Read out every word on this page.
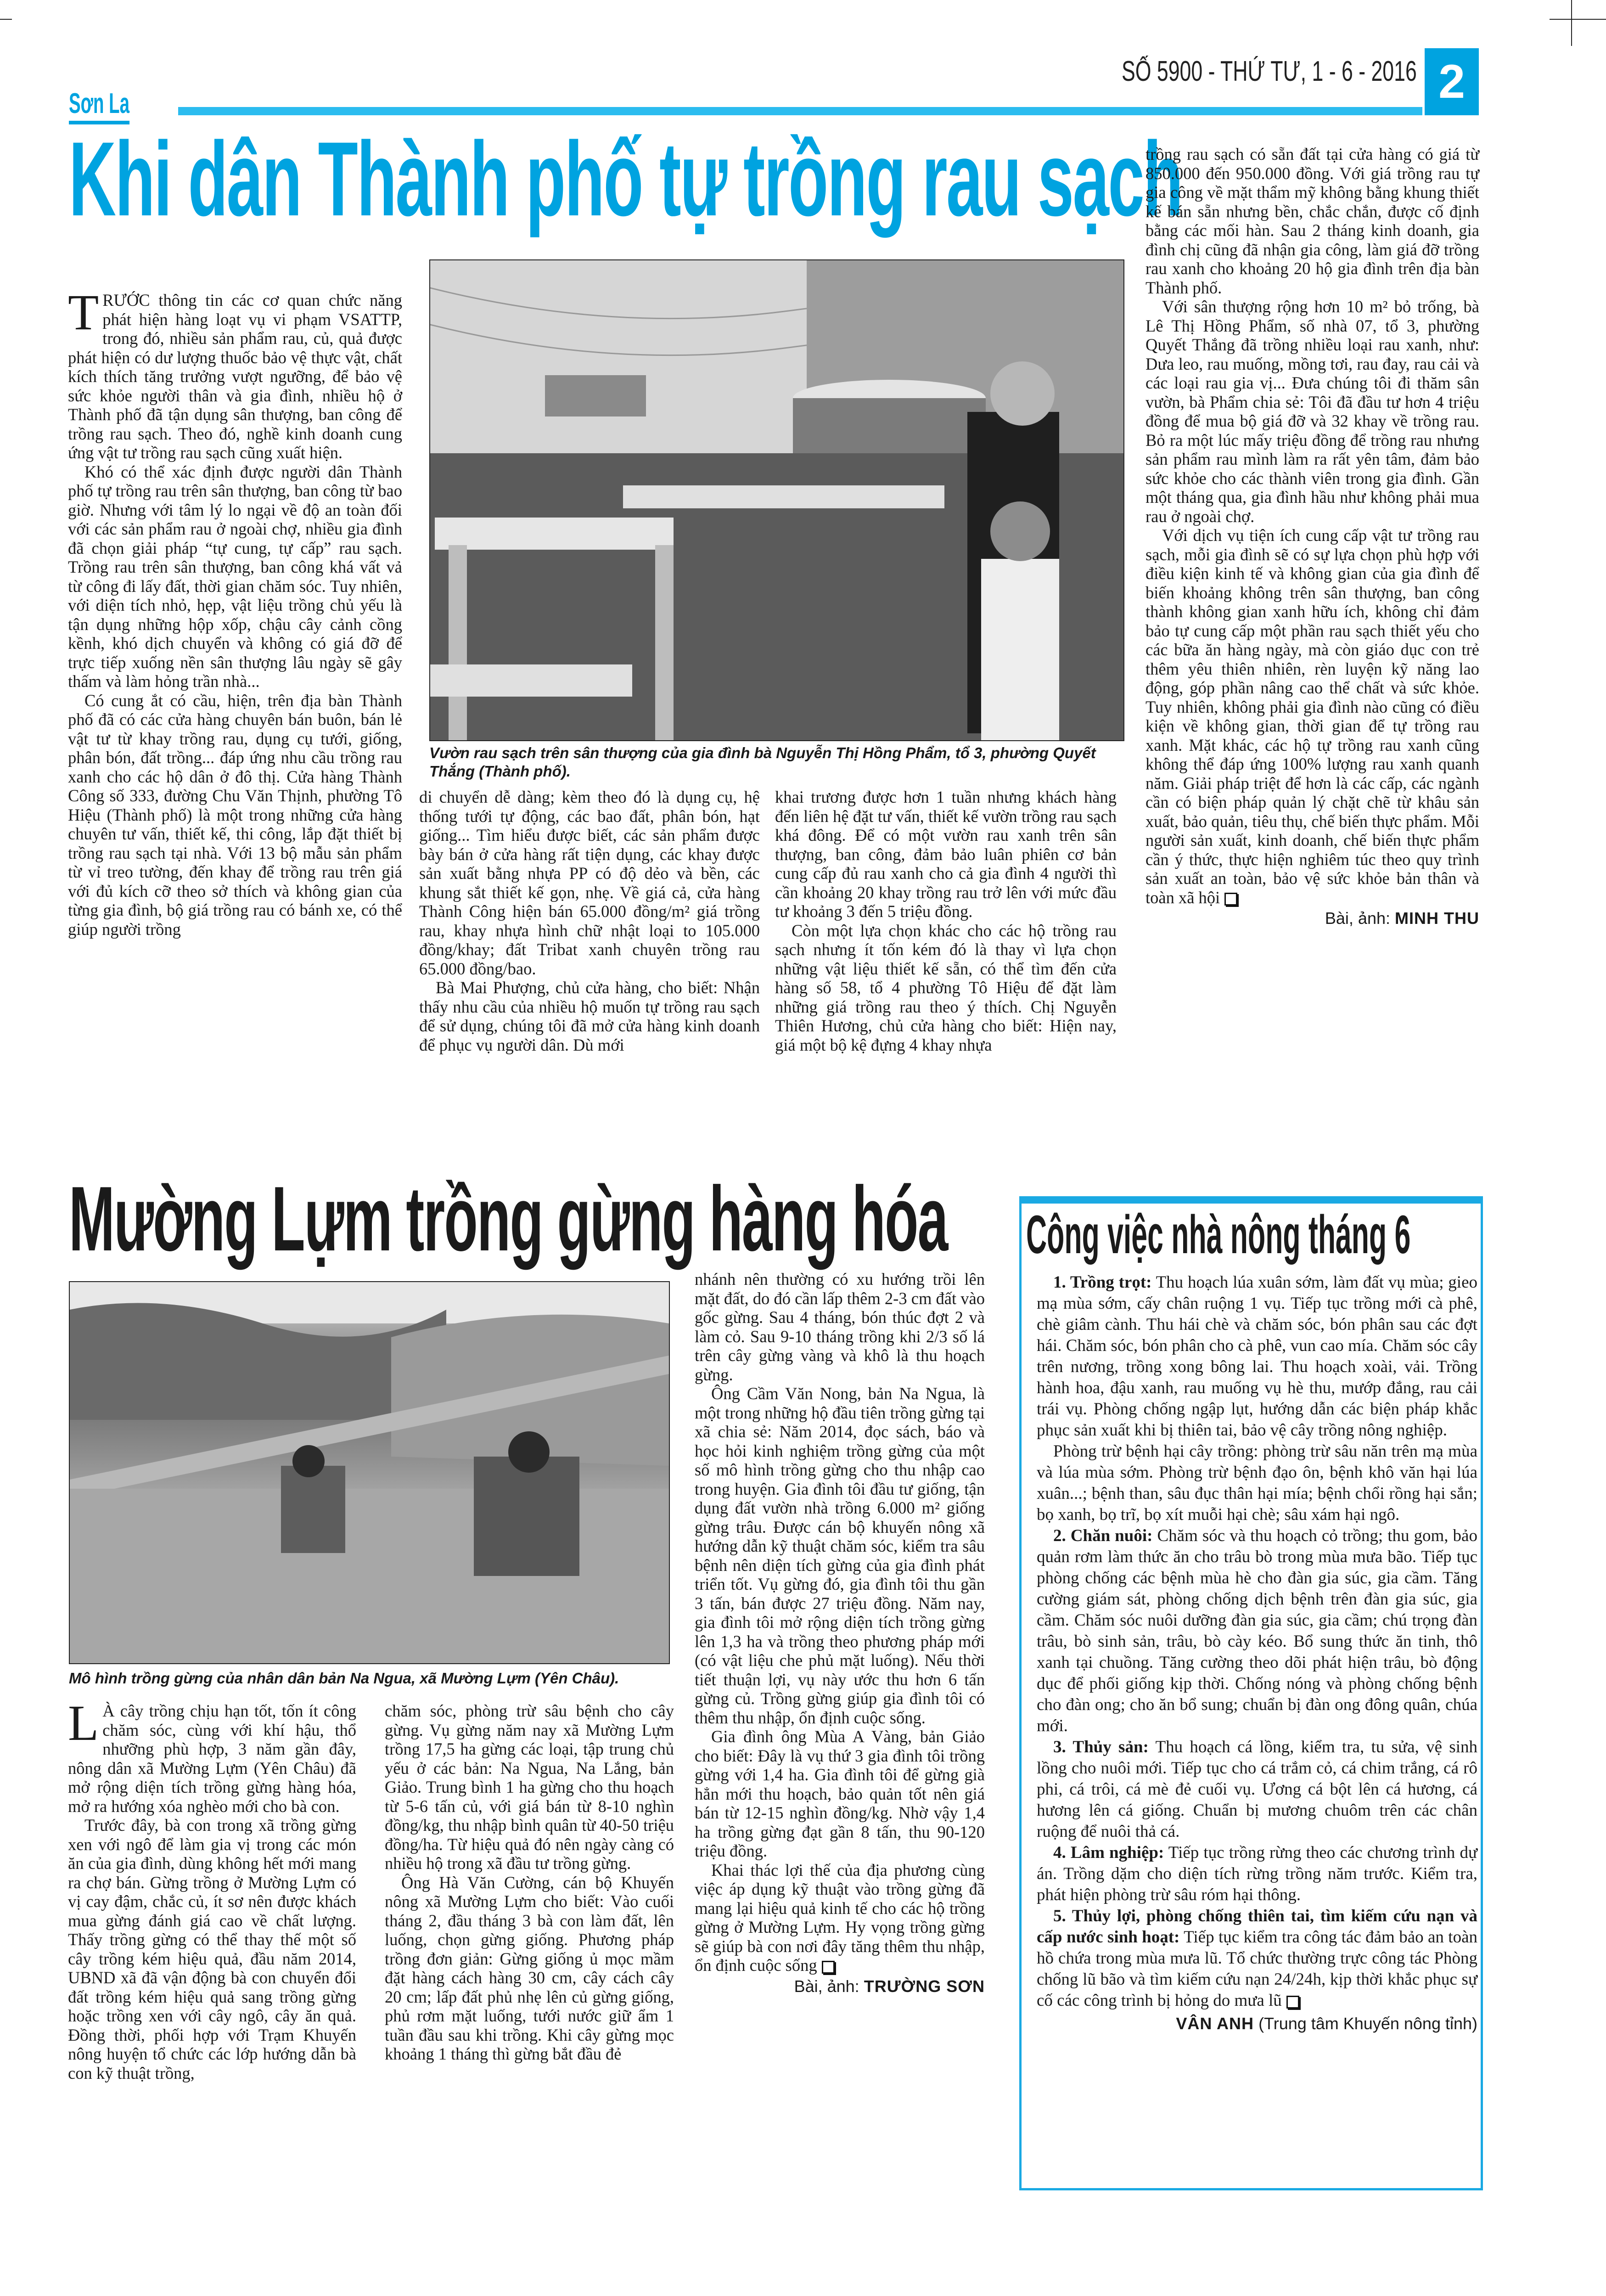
Sơn La
SỐ 5900 - THỨ TƯ, 1 - 6 - 2016 2
Khi dân Thành phố tự trồng rau sạch

TRƯỚC thông tin các cơ quan chức năng phát hiện hàng loạt vụ vi phạm VSATTP, trong đó, nhiều sản phẩm rau, củ, quả được phát hiện có dư lượng thuốc bảo vệ thực vật, chất kích thích tăng trưởng vượt ngưỡng, để bảo vệ sức khỏe người thân và gia đình, nhiều hộ ở Thành phố đã tận dụng sân thượng, ban công để trồng rau sạch. Theo đó, nghề kinh doanh cung ứng vật tư trồng rau sạch cũng xuất hiện.

Khó có thể xác định được người dân Thành phố tự trồng rau trên sân thượng, ban công từ bao giờ. Nhưng với tâm lý lo ngại về độ an toàn đối với các sản phẩm rau ở ngoài chợ, nhiều gia đình đã chọn giải pháp “tự cung, tự cấp” rau sạch. Trồng rau trên sân thượng, ban công khá vất vả từ công đi lấy đất, thời gian chăm sóc. Tuy nhiên, với diện tích nhỏ, hẹp, vật liệu trồng chủ yếu là tận dụng những hộp xốp, chậu cây cảnh cồng kềnh, khó dịch chuyển và không có giá đỡ để trực tiếp xuống nền sân thượng lâu ngày sẽ gây thấm và làm hỏng trần nhà...

Có cung ắt có cầu, hiện, trên địa bàn Thành phố đã có các cửa hàng chuyên bán buôn, bán lẻ vật tư từ khay trồng rau, dụng cụ tưới, giống, phân bón, đất trồng... đáp ứng nhu cầu trồng rau xanh cho các hộ dân ở đô thị. Cửa hàng Thành Công số 333, đường Chu Văn Thịnh, phường Tô Hiệu (Thành phố) là một trong những cửa hàng chuyên tư vấn, thiết kế, thi công, lắp đặt thiết bị trồng rau sạch tại nhà. Với 13 bộ mẫu sản phẩm từ vỉ treo tường, đến khay để trồng rau trên giá với đủ kích cỡ theo sở thích và không gian của từng gia đình, bộ giá trồng rau có bánh xe, có thể giúp người trồng

Vườn rau sạch trên sân thượng của gia đình bà Nguyễn Thị Hồng Phẩm, tổ 3, phường Quyết Thắng (Thành phố).

di chuyển dễ dàng; kèm theo đó là dụng cụ, hệ thống tưới tự động, các bao đất, phân bón, hạt giống... Tìm hiểu được biết, các sản phẩm được bày bán ở cửa hàng rất tiện dụng, các khay được sản xuất bằng nhựa PP có độ dẻo và bền, các khung sắt thiết kế gọn, nhẹ. Về giá cả, cửa hàng Thành Công hiện bán 65.000 đồng/m² giá trồng rau, khay nhựa hình chữ nhật loại to 105.000 đồng/khay; đất Tribat xanh chuyên trồng rau 65.000 đồng/bao.

Bà Mai Phượng, chủ cửa hàng, cho biết: Nhận thấy nhu cầu của nhiều hộ muốn tự trồng rau sạch để sử dụng, chúng tôi đã mở cửa hàng kinh doanh để phục vụ người dân. Dù mới

khai trương được hơn 1 tuần nhưng khách hàng đến liên hệ đặt tư vấn, thiết kế vườn trồng rau sạch khá đông. Để có một vườn rau xanh trên sân thượng, ban công, đảm bảo luân phiên cơ bản cung cấp đủ rau xanh cho cả gia đình 4 người thì cần khoảng 20 khay trồng rau trở lên với mức đầu tư khoảng 3 đến 5 triệu đồng.

Còn một lựa chọn khác cho các hộ trồng rau sạch nhưng ít tốn kém đó là thay vì lựa chọn những vật liệu thiết kế sẵn, có thể tìm đến cửa hàng số 58, tổ 4 phường Tô Hiệu để đặt làm những giá trồng rau theo ý thích. Chị Nguyễn Thiên Hương, chủ cửa hàng cho biết: Hiện nay, giá một bộ kệ đựng 4 khay nhựa

trồng rau sạch có sẵn đất tại cửa hàng có giá từ 850.000 đến 950.000 đồng. Với giá trồng rau tự gia công về mặt thẩm mỹ không bằng khung thiết kế bán sẵn nhưng bền, chắc chắn, được cố định bằng các mối hàn. Sau 2 tháng kinh doanh, gia đình chị cũng đã nhận gia công, làm giá đỡ trồng rau xanh cho khoảng 20 hộ gia đình trên địa bàn Thành phố.

Với sân thượng rộng hơn 10 m² bỏ trống, bà Lê Thị Hồng Phẩm, số nhà 07, tổ 3, phường Quyết Thắng đã trồng nhiều loại rau xanh, như: Dưa leo, rau muống, mồng tơi, rau đay, rau cải và các loại rau gia vị... Đưa chúng tôi đi thăm sân vườn, bà Phẩm chia sẻ: Tôi đã đầu tư hơn 4 triệu đồng để mua bộ giá đỡ và 32 khay về trồng rau. Bỏ ra một lúc mấy triệu đồng để trồng rau nhưng sản phẩm rau mình làm ra rất yên tâm, đảm bảo sức khỏe cho các thành viên trong gia đình. Gần một tháng qua, gia đình hầu như không phải mua rau ở ngoài chợ.

Với dịch vụ tiện ích cung cấp vật tư trồng rau sạch, mỗi gia đình sẽ có sự lựa chọn phù hợp với điều kiện kinh tế và không gian của gia đình để biến khoảng không trên sân thượng, ban công thành không gian xanh hữu ích, không chỉ đảm bảo tự cung cấp một phần rau sạch thiết yếu cho các bữa ăn hàng ngày, mà còn giáo dục con trẻ thêm yêu thiên nhiên, rèn luyện kỹ năng lao động, góp phần nâng cao thể chất và sức khỏe. Tuy nhiên, không phải gia đình nào cũng có điều kiện về không gian, thời gian để tự trồng rau xanh. Mặt khác, các hộ tự trồng rau xanh cũng không thể đáp ứng 100% lượng rau xanh quanh năm. Giải pháp triệt để hơn là các cấp, các ngành cần có biện pháp quản lý chặt chẽ từ khâu sản xuất, bảo quản, tiêu thụ, chế biến thực phẩm. Mỗi người sản xuất, kinh doanh, chế biến thực phẩm cần ý thức, thực hiện nghiêm túc theo quy trình sản xuất an toàn, bảo vệ sức khỏe bản thân và toàn xã hội

Bài, ảnh: MINH THU
Mường Lựm trồng gừng hàng hóa
Mô hình trồng gừng của nhân dân bản Na Ngua, xã Mường Lựm (Yên Châu).

L À cây trồng chịu hạn tốt, tốn ít công chăm sóc, cùng với khí hậu, thổ nhưỡng phù hợp, 3 năm gần đây, nông dân xã Mường Lựm (Yên Châu) đã mở rộng diện tích trồng gừng hàng hóa, mở ra hướng xóa nghèo mới cho bà con.

Trước đây, bà con trong xã trồng gừng xen với ngô để làm gia vị trong các món ăn của gia đình, dùng không hết mới mang ra chợ bán. Gừng trồng ở Mường Lựm có vị cay đậm, chắc củ, ít sơ nên được khách mua gừng đánh giá cao về chất lượng. Thấy trồng gừng có thể thay thế một số cây trồng kém hiệu quả, đầu năm 2014, UBND xã đã vận động bà con chuyển đổi đất trồng kém hiệu quả sang trồng gừng hoặc trồng xen với cây ngô, cây ăn quả. Đồng thời, phối hợp với Trạm Khuyến nông huyện tổ chức các lớp hướng dẫn bà con kỹ thuật trồng,

chăm sóc, phòng trừ sâu bệnh cho cây gừng. Vụ gừng năm nay xã Mường Lựm trồng 17,5 ha gừng các loại, tập trung chủ yếu ở các bản: Na Ngua, Na Lắng, bản Giảo. Trung bình 1 ha gừng cho thu hoạch từ 5-6 tấn củ, với giá bán từ 8-10 nghìn đồng/kg, thu nhập bình quân từ 40-50 triệu đồng/ha. Từ hiệu quả đó nên ngày càng có nhiều hộ trong xã đầu tư trồng gừng.

Ông Hà Văn Cường, cán bộ Khuyến nông xã Mường Lựm cho biết: Vào cuối tháng 2, đầu tháng 3 bà con làm đất, lên luống, chọn gừng giống. Phương pháp trồng đơn giản: Gừng giống ủ mọc mầm đặt hàng cách hàng 30 cm, cây cách cây 20 cm; lấp đất phủ nhẹ lên củ gừng giống, phủ rơm mặt luống, tưới nước giữ ẩm 1 tuần đầu sau khi trồng. Khi cây gừng mọc khoảng 1 tháng thì gừng bắt đầu đẻ

nhánh nên thường có xu hướng trồi lên mặt đất, do đó cần lấp thêm 2-3 cm đất vào gốc gừng. Sau 4 tháng, bón thúc đợt 2 và làm cỏ. Sau 9-10 tháng trồng khi 2/3 số lá trên cây gừng vàng và khô là thu hoạch gừng.

Ông Cầm Văn Nong, bản Na Ngua, là một trong những hộ đầu tiên trồng gừng tại xã chia sẻ: Năm 2014, đọc sách, báo và học hỏi kinh nghiệm trồng gừng của một số mô hình trồng gừng cho thu nhập cao trong huyện. Gia đình tôi đầu tư giống, tận dụng đất vườn nhà trồng 6.000 m² giống gừng trâu. Được cán bộ khuyến nông xã hướng dẫn kỹ thuật chăm sóc, kiểm tra sâu bệnh nên diện tích gừng của gia đình phát triển tốt. Vụ gừng đó, gia đình tôi thu gần 3 tấn, bán được 27 triệu đồng. Năm nay, gia đình tôi mở rộng diện tích trồng gừng lên 1,3 ha và trồng theo phương pháp mới (có vật liệu che phủ mặt luống). Nếu thời tiết thuận lợi, vụ này ước thu hơn 6 tấn gừng củ. Trồng gừng giúp gia đình tôi có thêm thu nhập, ổn định cuộc sống.

Gia đình ông Mùa A Vàng, bản Giảo cho biết: Đây là vụ thứ 3 gia đình tôi trồng gừng với 1,4 ha. Gia đình tôi để gừng già hẳn mới thu hoạch, bảo quản tốt nên giá bán từ 12-15 nghìn đồng/kg. Nhờ vậy 1,4 ha trồng gừng đạt gần 8 tấn, thu 90-120 triệu đồng.

Khai thác lợi thế của địa phương cùng việc áp dụng kỹ thuật vào trồng gừng đã mang lại hiệu quả kinh tế cho các hộ trồng gừng ở Mường Lựm. Hy vọng trồng gừng sẽ giúp bà con nơi đây tăng thêm thu nhập, ổn định cuộc sống

Bài, ảnh: TRƯỜNG SƠN
Công việc nhà nông tháng 6

1. Trồng trọt: Thu hoạch lúa xuân sớm, làm đất vụ mùa; gieo mạ mùa sớm, cấy chân ruộng 1 vụ. Tiếp tục trồng mới cà phê, chè giâm cành. Thu hái chè và chăm sóc, bón phân sau các đợt hái. Chăm sóc, bón phân cho cà phê, vun cao mía. Chăm sóc cây trên nương, trồng xong bông lai. Thu hoạch xoài, vải. Trồng hành hoa, đậu xanh, rau muống vụ hè thu, mướp đắng, rau cải trái vụ. Phòng chống ngập lụt, hướng dẫn các biện pháp khắc phục sản xuất khi bị thiên tai, bảo vệ cây trồng nông nghiệp.

Phòng trừ bệnh hại cây trồng: phòng trừ sâu năn trên mạ mùa và lúa mùa sớm. Phòng trừ bệnh đạo ôn, bệnh khô văn hại lúa xuân...; bệnh than, sâu đục thân hại mía; bệnh chổi rồng hại sắn; bọ xanh, bọ trĩ, bọ xít muỗi hại chè; sâu xám hại ngô.

2. Chăn nuôi: Chăm sóc và thu hoạch cỏ trồng; thu gom, bảo quản rơm làm thức ăn cho trâu bò trong mùa mưa bão. Tiếp tục phòng chống các bệnh mùa hè cho đàn gia súc, gia cầm. Tăng cường giám sát, phòng chống dịch bệnh trên đàn gia súc, gia cầm. Chăm sóc nuôi dưỡng đàn gia súc, gia cầm; chú trọng đàn trâu, bò sinh sản, trâu, bò cày kéo. Bổ sung thức ăn tinh, thô xanh tại chuồng. Tăng cường theo dõi phát hiện trâu, bò động dục để phối giống kịp thời. Chống nóng và phòng chống bệnh cho đàn ong; cho ăn bổ sung; chuẩn bị đàn ong đông quân, chúa mới.

3. Thủy sản: Thu hoạch cá lồng, kiểm tra, tu sửa, vệ sinh lồng cho nuôi mới. Tiếp tục cho cá trắm cỏ, cá chim trắng, cá rô phi, cá trôi, cá mè đẻ cuối vụ. Ương cá bột lên cá hương, cá hương lên cá giống. Chuẩn bị mương chuôm trên các chân ruộng để nuôi thả cá.

4. Lâm nghiệp: Tiếp tục trồng rừng theo các chương trình dự án. Trồng dặm cho diện tích rừng trồng năm trước. Kiểm tra, phát hiện phòng trừ sâu róm hại thông.

5. Thủy lợi, phòng chống thiên tai, tìm kiếm cứu nạn và cấp nước sinh hoạt: Tiếp tục kiểm tra công tác đảm bảo an toàn hồ chứa trong mùa mưa lũ. Tổ chức thường trực công tác Phòng chống lũ bão và tìm kiếm cứu nạn 24/24h, kịp thời khắc phục sự cố các công trình bị hỏng do mưa lũ

VÂN ANH (Trung tâm Khuyến nông tỉnh)
